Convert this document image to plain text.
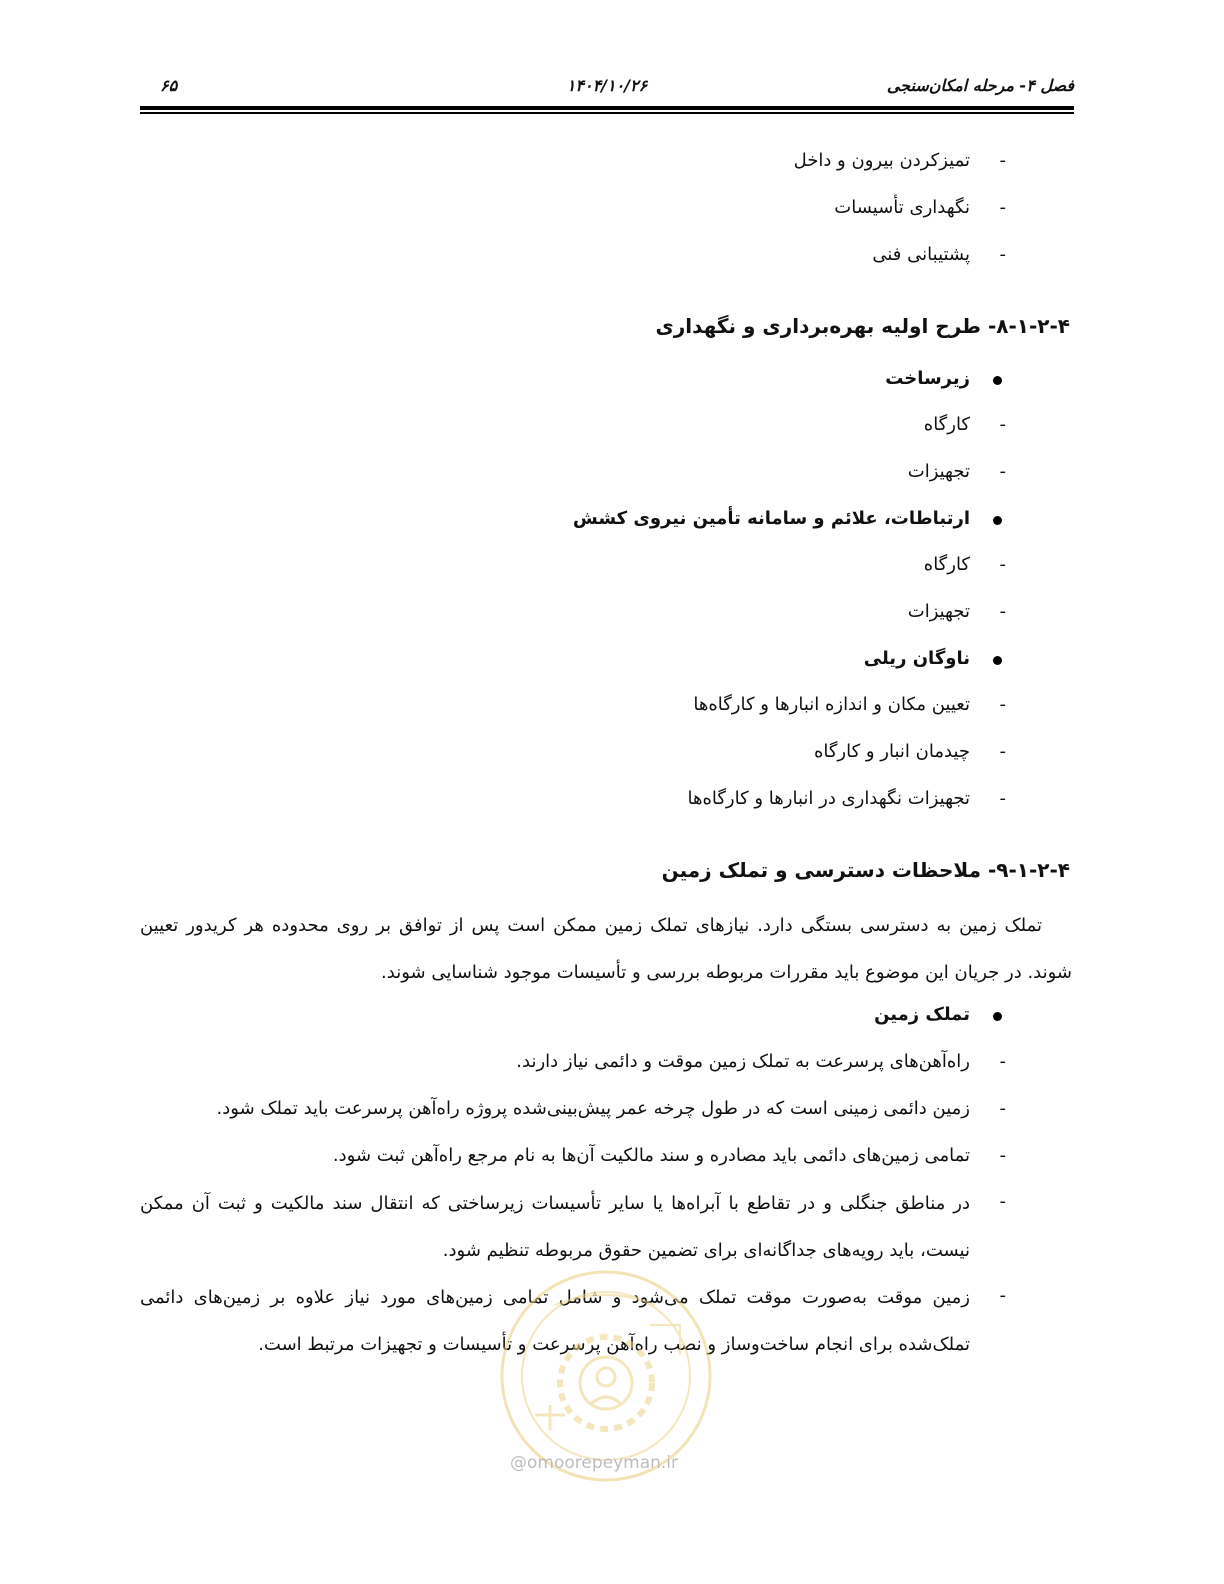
فصل ۴- مرحله امکان‌سنجی
۱۴۰۴/۱۰/۲۶
۶۵
-
تمیزکردن بیرون و داخل
-
نگهداری تأسیسات
-
پشتیبانی فنی
۸-۱-۲-۴- طرح اولیه بهره‌برداری و نگهداری
زیرساخت
-
کارگاه
-
تجهیزات
ارتباطات، علائم و سامانه تأمین نیروی کشش
-
کارگاه
-
تجهیزات
ناوگان ریلی
-
تعیین مکان و اندازه انبارها و کارگاه‌ها
-
چیدمان انبار و کارگاه
-
تجهیزات نگهداری در انبارها و کارگاه‌ها
۹-۱-۲-۴- ملاحظات دسترسی و تملک زمین
تملک زمین به دسترسی بستگی دارد. نیازهای تملک زمین ممکن است پس از توافق بر روی محدوده هر کریدور تعیین شوند. در جریان این موضوع باید مقررات مربوطه بررسی و تأسیسات موجود شناسایی شوند.
تملک زمین
-
راه‌آهن‌های پرسرعت به تملک زمین موقت و دائمی نیاز دارند.
-
زمین دائمی زمینی است که در طول چرخه عمر پیش‌بینی‌شده پروژه راه‌آهن پرسرعت باید تملک شود.
-
تمامی زمین‌های دائمی باید مصادره و سند مالکیت آن‌ها به نام مرجع راه‌آهن ثبت شود.
-
در مناطق جنگلی و در تقاطع با آبراه‌ها یا سایر تأسیسات زیرساختی که انتقال سند مالکیت و ثبت آن ممکن نیست، باید رویه‌های جداگانه‌ای برای تضمین حقوق مربوطه تنظیم شود.
-
زمین موقت به‌صورت موقت تملک می‌شود و شامل تمامی زمین‌های مورد نیاز علاوه بر زمین‌های دائمی تملک‌شده برای انجام ساخت‌وساز و نصب راه‌آهن پرسرعت و تأسیسات و تجهیزات مرتبط است.
@omoorepeyman.ir
